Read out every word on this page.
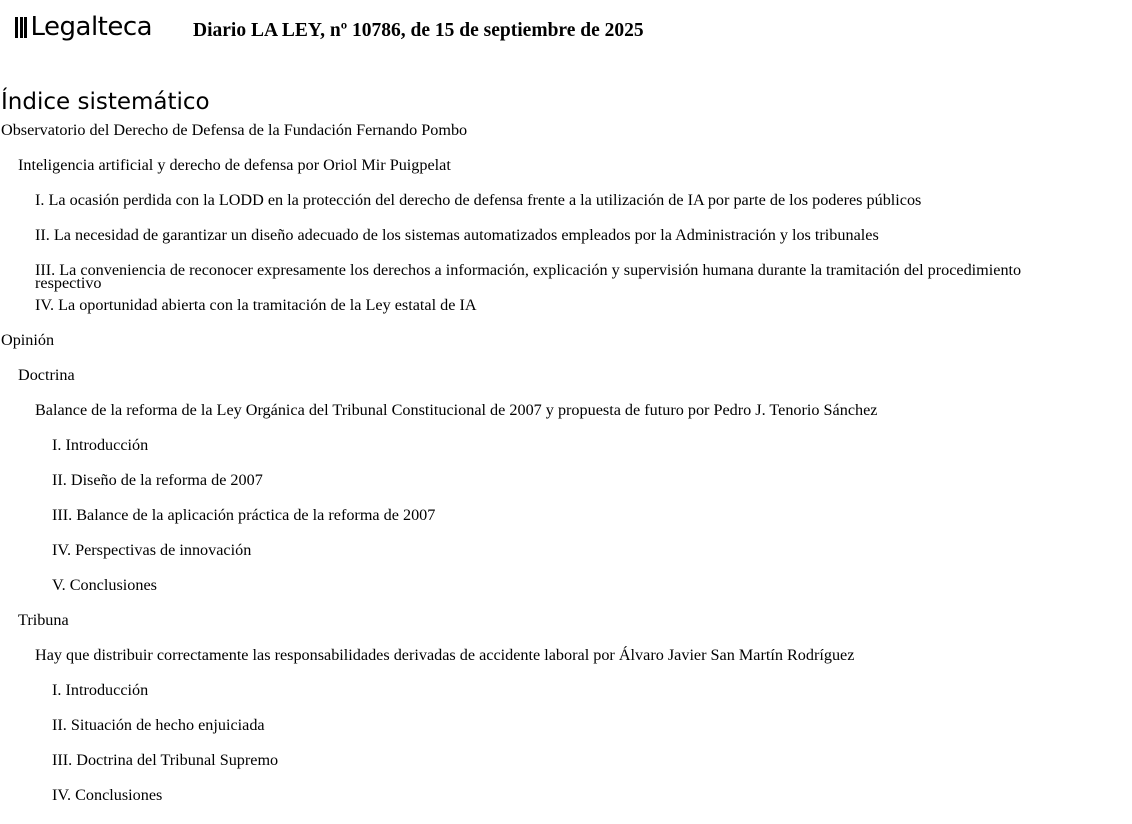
Legalteca Diario LA LEY, nº 10786, de 15 de septiembre de 2025
Índice sistemático
Observatorio del Derecho de Defensa de la Fundación Fernando Pombo
Inteligencia artificial y derecho de defensa por Oriol Mir Puigpelat
I. La ocasión perdida con la LODD en la protección del derecho de defensa frente a la utilización de IA por parte de los poderes públicos
II. La necesidad de garantizar un diseño adecuado de los sistemas automatizados empleados por la Administración y los tribunales
III. La conveniencia de reconocer expresamente los derechos a información, explicación y supervisión humana durante la tramitación del procedimiento respectivo
IV. La oportunidad abierta con la tramitación de la Ley estatal de IA
Opinión
Doctrina
Balance de la reforma de la Ley Orgánica del Tribunal Constitucional de 2007 y propuesta de futuro por Pedro J. Tenorio Sánchez
I. Introducción
II. Diseño de la reforma de 2007
III. Balance de la aplicación práctica de la reforma de 2007
IV. Perspectivas de innovación
V. Conclusiones
Tribuna
Hay que distribuir correctamente las responsabilidades derivadas de accidente laboral por Álvaro Javier San Martín Rodríguez
I. Introducción
II. Situación de hecho enjuiciada
III. Doctrina del Tribunal Supremo
IV. Conclusiones
